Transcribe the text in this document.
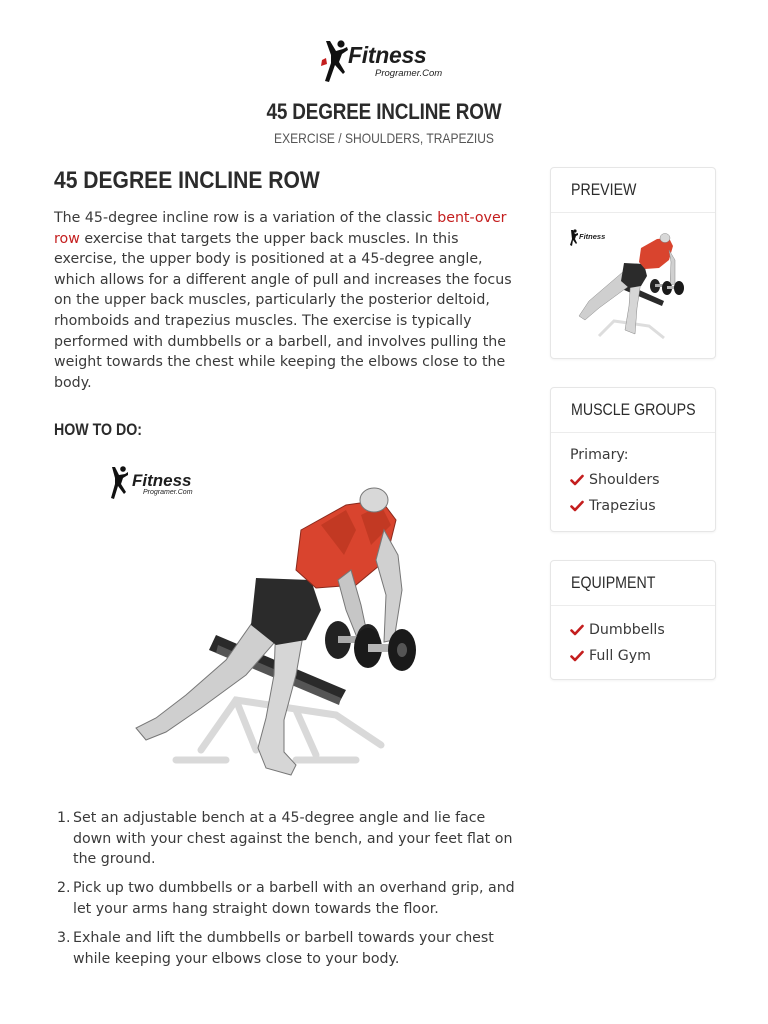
Fitness
Programer.Com
45 DEGREE INCLINE ROW
EXERCISE / SHOULDERS, TRAPEZIUS
45 DEGREE INCLINE ROW

The 45-degree incline row is a variation of the classic bent-over row exercise that targets the upper back muscles. In this exercise, the upper body is positioned at a 45-degree angle, which allows for a different angle of pull and increases the focus on the upper back muscles, particularly the posterior deltoid, rhomboids and trapezius muscles. The exercise is typically performed with dumbbells or a barbell, and involves pulling the weight towards the chest while keeping the elbows close to the body.

HOW TO DO:
Fitness
Programer.Com
1. Set an adjustable bench at a 45-degree angle and lie face down with your chest against the bench, and your feet flat on the ground.
2. Pick up two dumbbells or a barbell with an overhand grip, and let your arms hang straight down towards the floor.
3. Exhale and lift the dumbbells or barbell towards your chest while keeping your elbows close to your body.
PREVIEW
Fitness
MUSCLE GROUPS
Primary:
Shoulders
Trapezius
EQUIPMENT
Dumbbells
Full Gym
